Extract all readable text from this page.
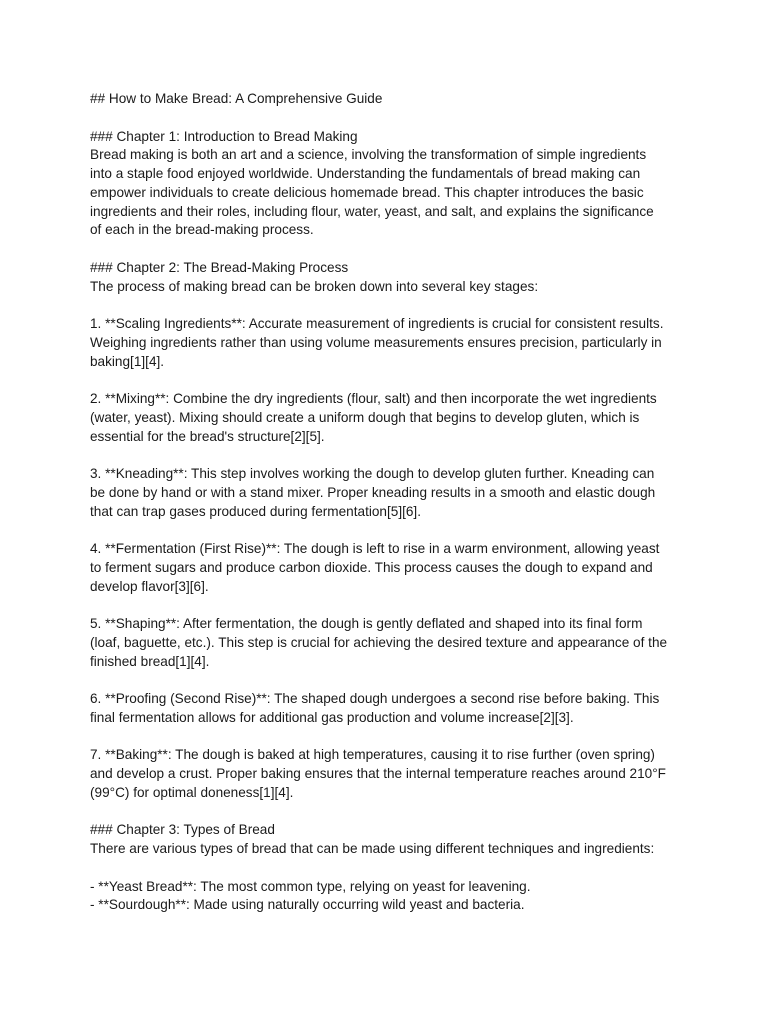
## How to Make Bread: A Comprehensive Guide
### Chapter 1: Introduction to Bread Making
Bread making is both an art and a science, involving the transformation of simple ingredients
into a staple food enjoyed worldwide. Understanding the fundamentals of bread making can
empower individuals to create delicious homemade bread. This chapter introduces the basic
ingredients and their roles, including flour, water, yeast, and salt, and explains the significance
of each in the bread-making process.
### Chapter 2: The Bread-Making Process
The process of making bread can be broken down into several key stages:
1. **Scaling Ingredients**: Accurate measurement of ingredients is crucial for consistent results.
Weighing ingredients rather than using volume measurements ensures precision, particularly in
baking[1][4].
2. **Mixing**: Combine the dry ingredients (flour, salt) and then incorporate the wet ingredients
(water, yeast). Mixing should create a uniform dough that begins to develop gluten, which is
essential for the bread's structure[2][5].
3. **Kneading**: This step involves working the dough to develop gluten further. Kneading can
be done by hand or with a stand mixer. Proper kneading results in a smooth and elastic dough
that can trap gases produced during fermentation[5][6].
4. **Fermentation (First Rise)**: The dough is left to rise in a warm environment, allowing yeast
to ferment sugars and produce carbon dioxide. This process causes the dough to expand and
develop flavor[3][6].
5. **Shaping**: After fermentation, the dough is gently deflated and shaped into its final form
(loaf, baguette, etc.). This step is crucial for achieving the desired texture and appearance of the
finished bread[1][4].
6. **Proofing (Second Rise)**: The shaped dough undergoes a second rise before baking. This
final fermentation allows for additional gas production and volume increase[2][3].
7. **Baking**: The dough is baked at high temperatures, causing it to rise further (oven spring)
and develop a crust. Proper baking ensures that the internal temperature reaches around 210°F
(99°C) for optimal doneness[1][4].
### Chapter 3: Types of Bread
There are various types of bread that can be made using different techniques and ingredients:
- **Yeast Bread**: The most common type, relying on yeast for leavening.
- **Sourdough**: Made using naturally occurring wild yeast and bacteria.
